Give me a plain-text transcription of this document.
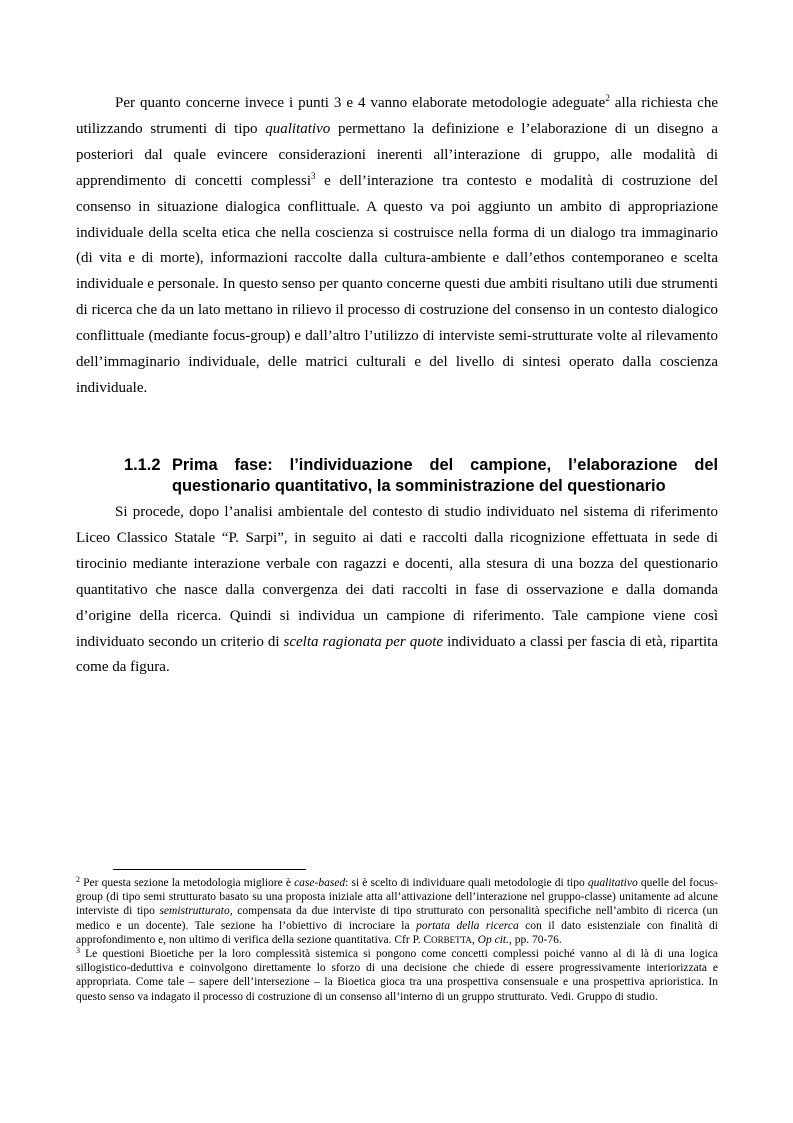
Per quanto concerne invece i punti 3 e 4 vanno elaborate metodologie adeguate$^2$ alla richiesta che utilizzando strumenti di tipo qualitativo permettano la definizione e l’elaborazione di un disegno a posteriori dal quale evincere considerazioni inerenti all’interazione di gruppo, alle modalità di apprendimento di concetti complessi$^3$ e dell’interazione tra contesto e modalità di costruzione del consenso in situazione dialogica conflittuale. A questo va poi aggiunto un ambito di appropriazione individuale della scelta etica che nella coscienza si costruisce nella forma di un dialogo tra immaginario (di vita e di morte), informazioni raccolte dalla cultura-ambiente e dall’ethos contemporaneo e scelta individuale e personale. In questo senso per quanto concerne questi due ambiti risultano utili due strumenti di ricerca che da un lato mettano in rilievo il processo di costruzione del consenso in un contesto dialogico conflittuale (mediante focus-group) e dall’altro l’utilizzo di interviste semi-strutturate volte al rilevamento dell’immaginario individuale, delle matrici culturali e del livello di sintesi operato dalla coscienza individuale.

1.1.2 Prima fase: l’individuazione del campione, l’elaborazione del questionario quantitativo, la somministrazione del questionario

Si procede, dopo l’analisi ambientale del contesto di studio individuato nel sistema di riferimento Liceo Classico Statale “P. Sarpi”, in seguito ai dati e raccolti dalla ricognizione effettuata in sede di tirocinio mediante interazione verbale con ragazzi e docenti, alla stesura di una bozza del questionario quantitativo che nasce dalla convergenza dei dati raccolti in fase di osservazione e dalla domanda d’origine della ricerca. Quindi si individua un campione di riferimento. Tale campione viene così individuato secondo un criterio di scelta ragionata per quote individuato a classi per fascia di età, ripartita come da figura.

$^2$ Per questa sezione la metodologia migliore è case-based: si è scelto di individuare quali metodologie di tipo qualitativo quelle del focus-group (di tipo semi strutturato basato su una proposta iniziale atta all’attivazione dell’interazione nel gruppo-classe) unitamente ad alcune interviste di tipo semistrutturato, compensata da due interviste di tipo strutturato con personalità specifiche nell’ambito di ricerca (un medico e un docente). Tale sezione ha l’obiettivo di incrociare la portata della ricerca con il dato esistenziale con finalità di approfondimento e, non ultimo di verifica della sezione quantitativa. Cfr P. CORBETTA, Op cit., pp. 70-76.

$^3$ Le questioni Bioetiche per la loro complessità sistemica si pongono come concetti complessi poiché vanno al di là di una logica sillogistico-deduttiva e coinvolgono direttamente lo sforzo di una decisione che chiede di essere progressivamente interiorizzata e appropriata. Come tale – sapere dell’intersezione – la Bioetica gioca tra una prospettiva consensuale e una prospettiva aprioristica. In questo senso va indagato il processo di costruzione di un consenso all’interno di un gruppo strutturato. Vedi. Gruppo di studio.
